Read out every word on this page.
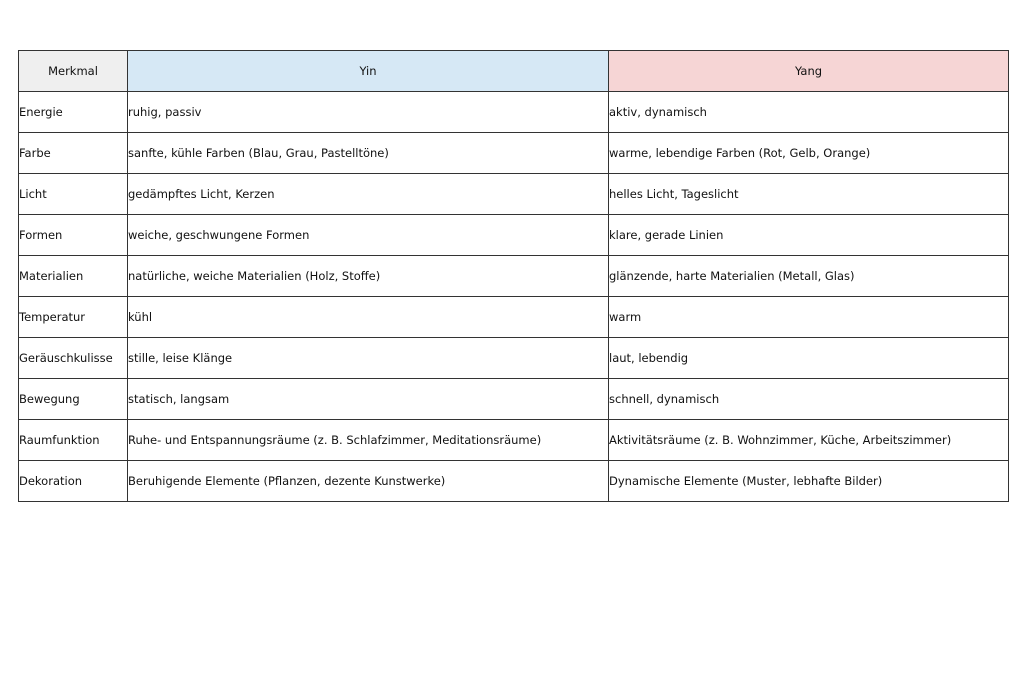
Merkmal	Yin	Yang
Energie	ruhig, passiv	aktiv, dynamisch
Farbe	sanfte, kühle Farben (Blau, Grau, Pastelltöne)	warme, lebendige Farben (Rot, Gelb, Orange)
Licht	gedämpftes Licht, Kerzen	helles Licht, Tageslicht
Formen	weiche, geschwungene Formen	klare, gerade Linien
Materialien	natürliche, weiche Materialien (Holz, Stoffe)	glänzende, harte Materialien (Metall, Glas)
Temperatur	kühl	warm
Geräuschkulisse	stille, leise Klänge	laut, lebendig
Bewegung	statisch, langsam	schnell, dynamisch
Raumfunktion	Ruhe- und Entspannungsräume (z. B. Schlafzimmer, Meditationsräume)	Aktivitätsräume (z. B. Wohnzimmer, Küche, Arbeitszimmer)
Dekoration	Beruhigende Elemente (Pflanzen, dezente Kunstwerke)	Dynamische Elemente (Muster, lebhafte Bilder)
